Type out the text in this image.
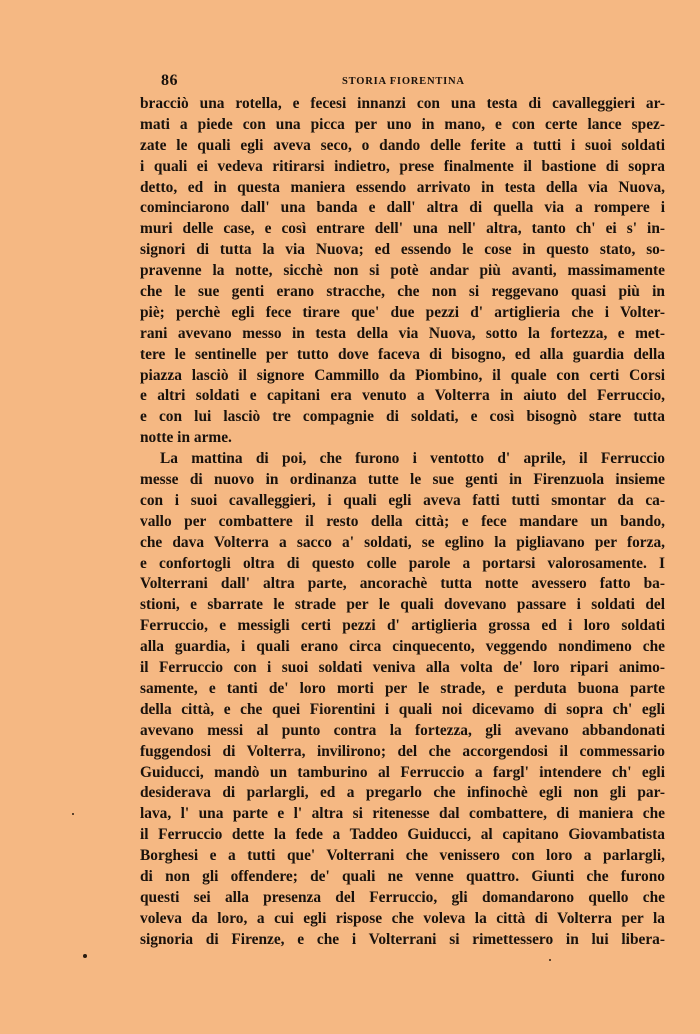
86	STORIA FIORENTINA
bracciò una rotella, e fecesi innanzi con una testa di cavalleggieri ar-
mati a piede con una picca per uno in mano, e con certe lance spez-
zate le quali egli aveva seco, o dando delle ferite a tutti i suoi soldati
i quali ei vedeva ritirarsi indietro, prese finalmente il bastione di sopra
detto, ed in questa maniera essendo arrivato in testa della via Nuova,
cominciarono dall' una banda e dall' altra di quella via a rompere i
muri delle case, e così entrare dell' una nell' altra, tanto ch' ei s' in-
signori di tutta la via Nuova; ed essendo le cose in questo stato, so-
pravenne la notte, sicchè non si potè andar più avanti, massimamente
che le sue genti erano stracche, che non si reggevano quasi più in
piè; perchè egli fece tirare que' due pezzi d' artiglieria che i Volter-
rani avevano messo in testa della via Nuova, sotto la fortezza, e met-
tere le sentinelle per tutto dove faceva di bisogno, ed alla guardia della
piazza lasciò il signore Cammillo da Piombino, il quale con certi Corsi
e altri soldati e capitani era venuto a Volterra in aiuto del Ferruccio,
e con lui lasciò tre compagnie di soldati, e così bisognò stare tutta
notte in arme.
La mattina di poi, che furono i ventotto d' aprile, il Ferruccio
messe di nuovo in ordinanza tutte le sue genti in Firenzuola insieme
con i suoi cavalleggieri, i quali egli aveva fatti tutti smontar da ca-
vallo per combattere il resto della città; e fece mandare un bando,
che dava Volterra a sacco a' soldati, se eglino la pigliavano per forza,
e confortogli oltra di questo colle parole a portarsi valorosamente. I
Volterrani dall' altra parte, ancorachè tutta notte avessero fatto ba-
stioni, e sbarrate le strade per le quali dovevano passare i soldati del
Ferruccio, e messigli certi pezzi d' artiglieria grossa ed i loro soldati
alla guardia, i quali erano circa cinquecento, veggendo nondimeno che
il Ferruccio con i suoi soldati veniva alla volta de' loro ripari animo-
samente, e tanti de' loro morti per le strade, e perduta buona parte
della città, e che quei Fiorentini i quali noi dicevamo di sopra ch' egli
avevano messi al punto contra la fortezza, gli avevano abbandonati
fuggendosi di Volterra, invilirono; del che accorgendosi il commessario
Guiducci, mandò un tamburino al Ferruccio a fargl' intendere ch' egli
desiderava di parlargli, ed a pregarlo che infinochè egli non gli par-
lava, l' una parte e l' altra si ritenesse dal combattere, di maniera che
il Ferruccio dette la fede a Taddeo Guiducci, al capitano Giovambatista
Borghesi e a tutti que' Volterrani che venissero con loro a parlargli,
di non gli offendere; de' quali ne venne quattro. Giunti che furono
questi sei alla presenza del Ferruccio, gli domandarono quello che
voleva da loro, a cui egli rispose che voleva la città di Volterra per la
signoria di Firenze, e che i Volterrani si rimettessero in lui libera-
